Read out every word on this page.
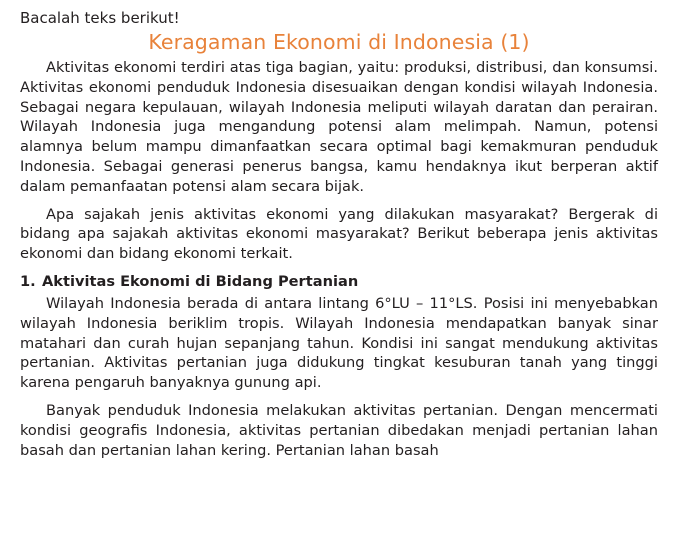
Bacalah teks berikut!

Keragaman Ekonomi di Indonesia (1)

Aktivitas ekonomi terdiri atas tiga bagian, yaitu: produksi, distribusi, dan konsumsi. Aktivitas ekonomi penduduk Indonesia disesuaikan dengan kondisi wilayah Indonesia. Sebagai negara kepulauan, wilayah Indonesia meliputi wilayah daratan dan perairan. Wilayah Indonesia juga mengandung potensi alam melimpah. Namun, potensi alamnya belum mampu dimanfaatkan secara optimal bagi kemakmuran penduduk Indonesia. Sebagai generasi penerus bangsa, kamu hendaknya ikut berperan aktif dalam pemanfaatan potensi alam secara bijak.

Apa sajakah jenis aktivitas ekonomi yang dilakukan masyarakat? Bergerak di bidang apa sajakah aktivitas ekonomi masyarakat? Berikut beberapa jenis aktivitas ekonomi dan bidang ekonomi terkait.

1. Aktivitas Ekonomi di Bidang Pertanian

Wilayah Indonesia berada di antara lintang 6°LU – 11°LS. Posisi ini menyebabkan wilayah Indonesia beriklim tropis. Wilayah Indonesia mendapatkan banyak sinar matahari dan curah hujan sepanjang tahun. Kondisi ini sangat mendukung aktivitas pertanian. Aktivitas pertanian juga didukung tingkat kesuburan tanah yang tinggi karena pengaruh banyaknya gunung api.

Banyak penduduk Indonesia melakukan aktivitas pertanian. Dengan mencermati kondisi geografis Indonesia, aktivitas pertanian dibedakan menjadi pertanian lahan basah dan pertanian lahan kering. Pertanian lahan basah
